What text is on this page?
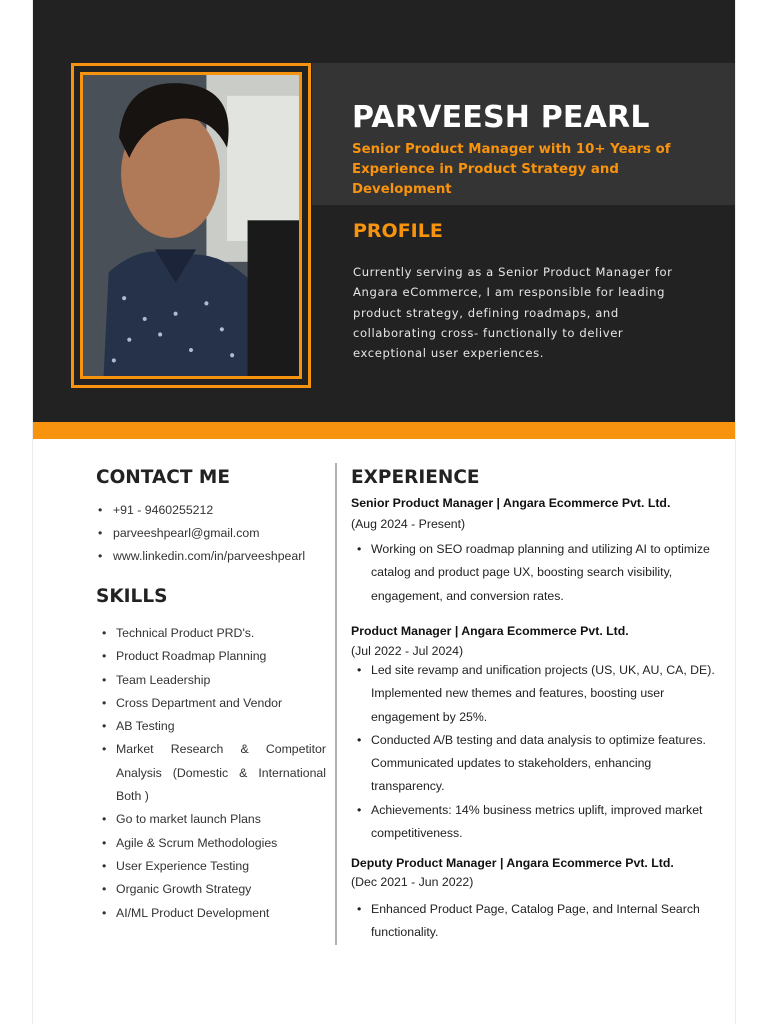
PARVEESH PEARL
Senior Product Manager with 10+ Years of Experience in Product Strategy and Development
PROFILE
Currently serving as a Senior Product Manager for Angara eCommerce, I am responsible for leading product strategy, defining roadmaps, and collaborating cross- functionally to deliver exceptional user experiences.
CONTACT ME
• +91 - 9460255212
• parveeshpearl@gmail.com
• www.linkedin.com/in/parveeshpearl
SKILLS
• Technical Product PRD's.
• Product Roadmap Planning
• Team Leadership
• Cross Department and Vendor
• AB Testing
• Market Research & Competitor Analysis (Domestic & International Both )
• Go to market launch Plans
• Agile & Scrum Methodologies
• User Experience Testing
• Organic Growth Strategy
• AI/ML Product Development
EXPERIENCE
Senior Product Manager | Angara Ecommerce Pvt. Ltd.
(Aug 2024 - Present)
• Working on SEO roadmap planning and utilizing AI to optimize catalog and product page UX, boosting search visibility, engagement, and conversion rates.
Product Manager | Angara Ecommerce Pvt. Ltd.
(Jul 2022 - Jul 2024)
• Led site revamp and unification projects (US, UK, AU, CA, DE). Implemented new themes and features, boosting user engagement by 25%.
• Conducted A/B testing and data analysis to optimize features. Communicated updates to stakeholders, enhancing transparency.
• Achievements: 14% business metrics uplift, improved market competitiveness.
Deputy Product Manager | Angara Ecommerce Pvt. Ltd.
(Dec 2021 - Jun 2022)
• Enhanced Product Page, Catalog Page, and Internal Search functionality.
